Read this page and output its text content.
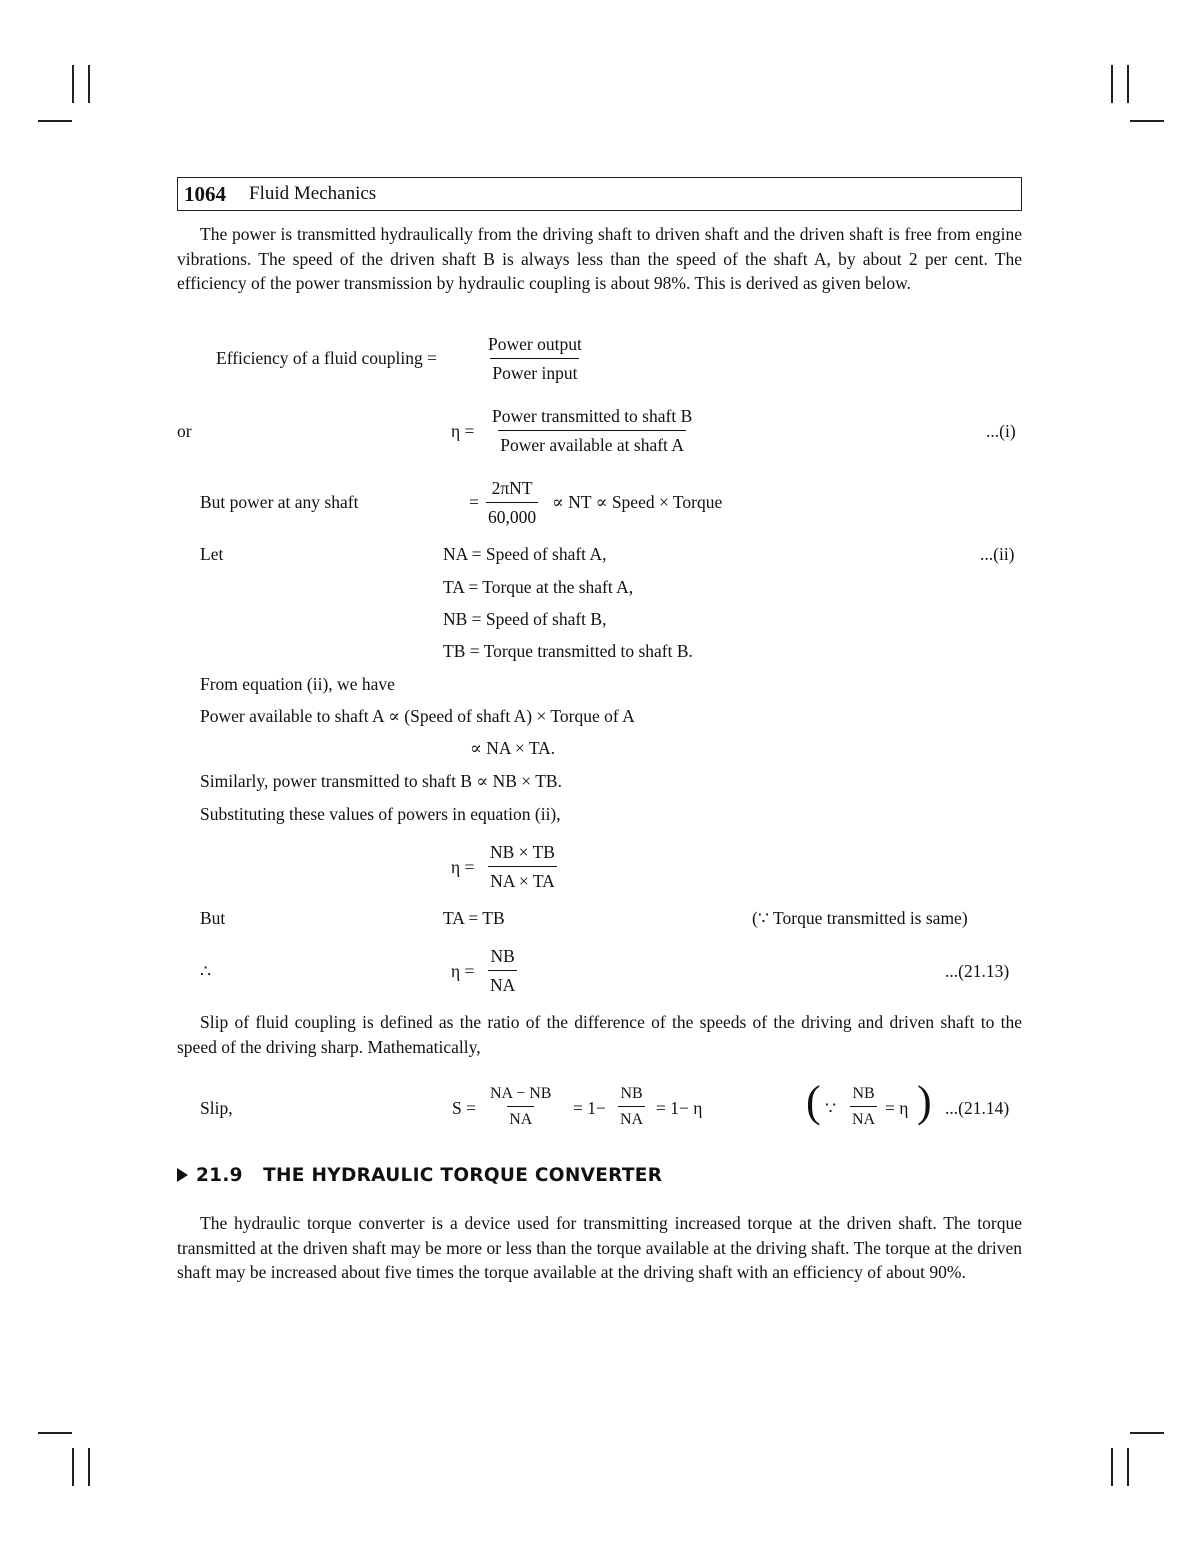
1064 Fluid Mechanics
The power is transmitted hydraulically from the driving shaft to driven shaft and the driven shaft is free from engine vibrations. The speed of the driven shaft B is always less than the speed of the shaft A, by about 2 per cent. The efficiency of the power transmission by hydraulic coupling is about 98%. This is derived as given below.
Efficiency of a fluid coupling =
Power output
Power input
or	η =
Power transmitted to shaft B
Power available at shaft A
...(i)
But power at any shaft	=
2πNT
60,000
∝ NT ∝ Speed × Torque
Let	NA = Speed of shaft A,	...(ii)
TA = Torque at the shaft A,
NB = Speed of shaft B,
TB = Torque transmitted to shaft B.
From equation (ii), we have
Power available to shaft A ∝ (Speed of shaft A) × Torque of A
∝ NA × TA.
Similarly, power transmitted to shaft B ∝ NB × TB.
Substituting these values of powers in equation (ii),
$\eta = \frac{NB \times TB}{NA \times TA}$
But	TA = TB	(∵ Torque transmitted is same)
∴	$\eta = \frac{NB}{NA}$	...(21.13)
Slip of fluid coupling is defined as the ratio of the difference of the speeds of the driving and driven shaft to the speed of the driving sharp. Mathematically,
Slip,	$S = \frac{NA - NB}{NA} = 1- \frac{NB}{NA} = 1- \eta$ ( ∵ $\frac{NB}{NA} = \eta$ ) ...(21.14)
21.9 THE HYDRAULIC TORQUE CONVERTER
The hydraulic torque converter is a device used for transmitting increased torque at the driven shaft. The torque transmitted at the driven shaft may be more or less than the torque available at the driving shaft. The torque at the driven shaft may be increased about five times the torque available at the driving shaft with an efficiency of about 90%.
